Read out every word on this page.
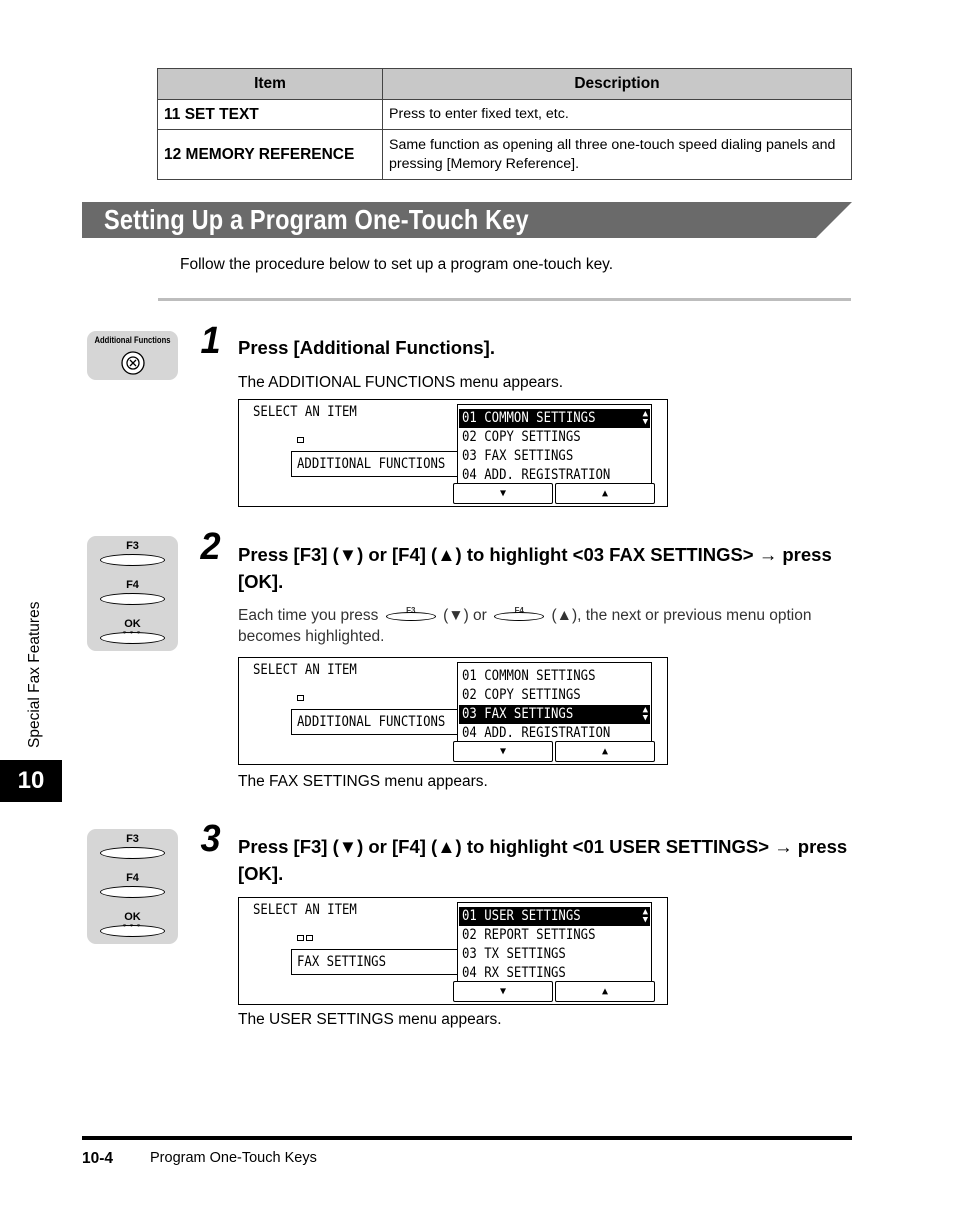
Item	Description
11 SET TEXT	Press to enter fixed text, etc.
12 MEMORY REFERENCE	Same function as opening all three one-touch speed dialing panels and pressing [Memory Reference].
Setting Up a Program One-Touch Key
Follow the procedure below to set up a program one-touch key.
Additional Functions 1 Press [Additional Functions].
The ADDITIONAL FUNCTIONS menu appears.
SELECT AN ITEM
ADDITIONAL FUNCTIONS
01 COMMON SETTINGS	▲
▼
02 COPY SETTINGS
03 FAX SETTINGS
04 ADD. REGISTRATION
▼	▲
F3
F4
OK
∘∘∘
2 Press [F3] (▼) or [F4] (▲) to highlight <03 FAX SETTINGS> → press [OK].
Each time you press	F3	(▼) or	F4	(▲), the next or previous menu option
becomes highlighted.
SELECT AN ITEM
ADDITIONAL FUNCTIONS
01 COMMON SETTINGS
02 COPY SETTINGS
03 FAX SETTINGS	▲
▼
04 ADD. REGISTRATION
▼	▲
The FAX SETTINGS menu appears.
F3
F4
OK
∘∘∘
3 Press [F3] (▼) or [F4] (▲) to highlight <01 USER SETTINGS> → press [OK].
SELECT AN ITEM
FAX SETTINGS
01 USER SETTINGS	▲
▼
02 REPORT SETTINGS
03 TX SETTINGS
04 RX SETTINGS
▼	▲
The USER SETTINGS menu appears.
Special Fax Features
10
10-4	Program One-Touch Keys
